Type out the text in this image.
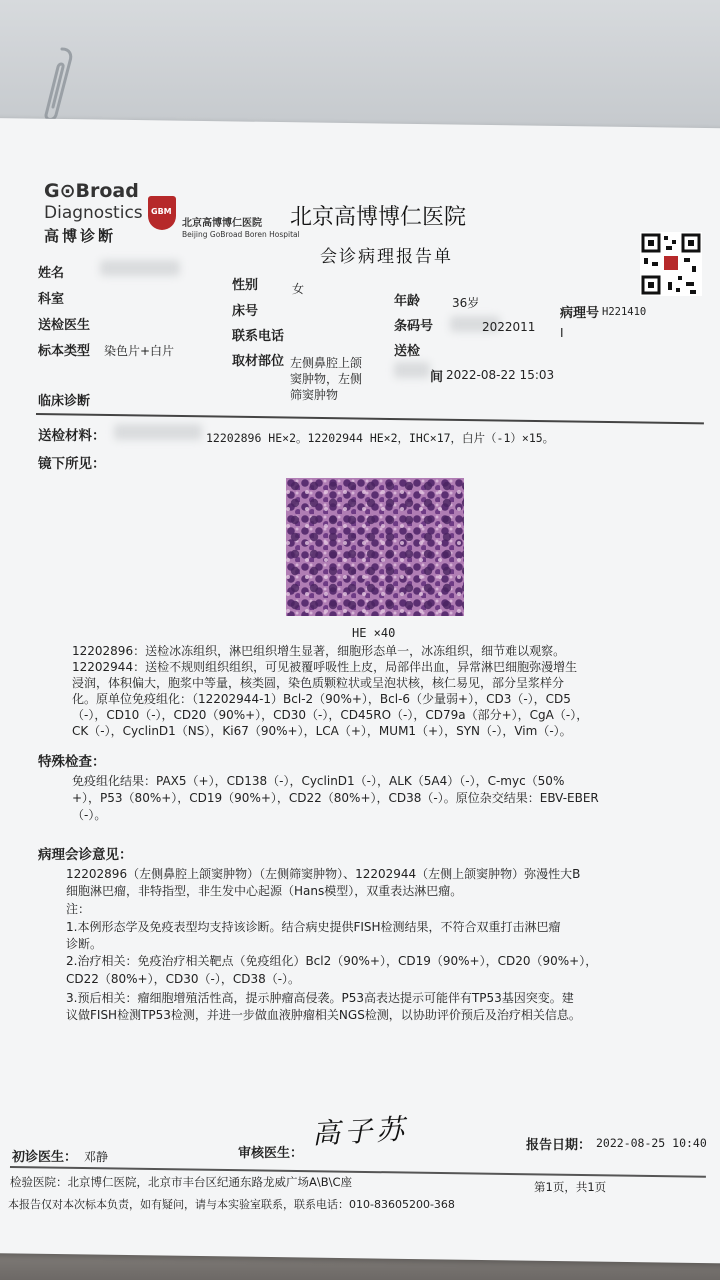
G⊙Broad
Diagnostics
高博诊断
GBM
北京高博博仁医院
Beijing GoBroad Boren Hospital
北京高博博仁医院
会诊病理报告单
姓名
科室
送检医生
标本类型 染色片+白片
临床诊断
性别	女
床号
联系电话
取材部位 左侧鼻腔上颌
窦肿物，左侧
筛窦肿物
年龄	36岁
条码号	2022011
送检
间 2022-08-22 15:03
病理号 H221410
I
送检材料：	12202896 HE×2。12202944 HE×2，IHC×17，白片（-1）×15。
镜下所见：
HE ×40
12202896：送检冰冻组织，淋巴组织增生显著，细胞形态单一，冰冻组织，细节难以观察。
12202944：送检不规则组织组织，可见被覆呼吸性上皮，局部伴出血，异常淋巴细胞弥漫增生
浸润，体积偏大，胞浆中等量，核类圆，染色质颗粒状或呈泡状核，核仁易见，部分呈浆样分
化。原单位免疫组化：（12202944-1）Bcl-2（90%+），Bcl-6（少量弱+），CD3（-），CD5
（-），CD10（-），CD20（90%+），CD30（-），CD45RO（-），CD79a（部分+），CgA（-），
CK（-），CyclinD1（NS），Ki67（90%+），LCA（+），MUM1（+），SYN（-），Vim（-）。
特殊检查：
免疫组化结果：PAX5（+），CD138（-），CyclinD1（-），ALK（5A4）（-），C-myc（50%
+），P53（80%+），CD19（90%+），CD22（80%+），CD38（-）。原位杂交结果：EBV-EBER
（-）。
病理会诊意见：
12202896（左侧鼻腔上颌窦肿物）（左侧筛窦肿物）、12202944（左侧上颌窦肿物）弥漫性大B
细胞淋巴瘤，非特指型，非生发中心起源（Hans模型），双重表达淋巴瘤。
注：
1.本例形态学及免疫表型均支持该诊断。结合病史提供FISH检测结果，不符合双重打击淋巴瘤
诊断。
2.治疗相关：免疫治疗相关靶点（免疫组化）Bcl2（90%+），CD19（90%+），CD20（90%+），
CD22（80%+），CD30（-），CD38（-）。
3.预后相关：瘤细胞增殖活性高，提示肿瘤高侵袭。P53高表达提示可能伴有TP53基因突变。建
议做FISH检测TP53检测，并进一步做血液肿瘤相关NGS检测，以协助评价预后及治疗相关信息。
初诊医生： 邓静	审核医生：
高子苏	报告日期： 2022-08-25 10:40
检验医院：北京博仁医院，北京市丰台区纪通东路龙威广场A\B\C座	第1页，共1页
本报告仅对本次标本负责，如有疑问，请与本实验室联系，联系电话：010-83605200-368
